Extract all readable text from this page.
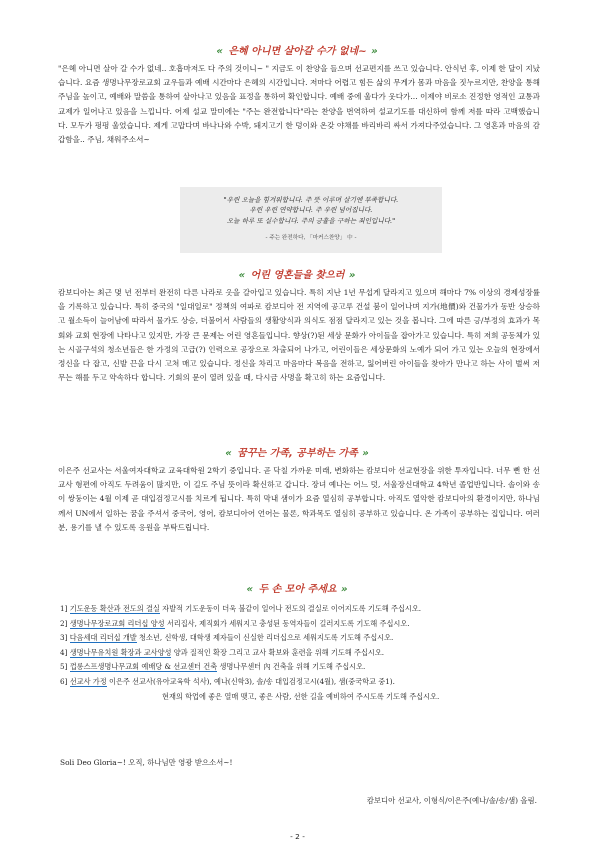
« 은혜 아니면 살아갈 수가 없네~ »

"은혜 아니면 살아 갈 수가 없네.. 호흡마저도 다 주의 것이니~ " 지금도 이 찬양을 들으며 선교편지를 쓰고 있습니다. 안식년 후, 이제 한 달이 지났습니다. 요즘 생명나무장로교회 교우들과 예배 시간마다 은혜의 시간입니다. 저마다 어렵고 힘든 삶의 무게가 몸과 마음을 짓누르지만, 찬양을 통해 주님을 높이고, 예배와 말씀을 통하여 살아나고 있음을 표정을 통하여 확인합니다. 예배 중에 울다가 웃다가... 이제야 비로소 진정한 영적인 교통과 교제가 일어나고 있음을 느낍니다. 어제 설교 말미에는 "주는 완전합니다"라는 찬양을 번역하여 설교기도를 대신하여 함께 저를 따라 고백했습니다. 모두가 펑펑 울었습니다. 제게 고맙다며 바나나와 수박, 돼지고기 한 덩이와 온갖 야채를 바리바리 싸서 가져다주었습니다. 그 영혼과 마음의 감갑함을.. 주님, 채워주소서~

"우린 오늘을 힘겨워합니다. 주 뜻 이루며 살기엔 부족합니다.
우린 우린 연약합니다. 주 우린 넘어집니다.
오늘 하루 또 실수합니다. 주의 긍휼을 구하는 죄인입니다."
- 주는 완전하다, 「마커스찬양」 中 -
« 어린 영혼들을 찾으러 »

캄보디아는 최근 몇 년 전부터 완전히 다른 나라로 옷을 갈아입고 있습니다. 특히 지난 1년 무섭게 달라지고 있으며 해마다 7% 이상의 경제성장률을 기록하고 있습니다. 특히 중국의 "일대일로" 정책의 여파로 캄보디아 전 지역에 공고루 건설 붐이 일어나며 지가(地價)와 건물가가 동반 상승하고 월소득이 늘어남에 따라서 물가도 상승, 더불어서 사람들의 생활양식과 의식도 점점 달라지고 있는 것을 봅니다. 그에 따른 긍/부정의 효과가 목회와 교회 현장에 나타나고 있지만, 가장 큰 문제는 어린 영혼들입니다. 향상(?)된 세상 문화가 아이들을 잡아가고 있습니다. 특히 저희 공동체가 있는 시골구석의 청소년들은 한 가정의 고급(?) 인력으로 공장으로 차출되어 나가고, 어린이들은 세상문화의 노예가 되어 가고 있는 오늘의 현장에서 정신을 다 잡고, 신발 끈을 다시 고쳐 매고 있습니다. 정신을 차리고 마음마다 복음을 전하고, 잃어버린 아이들을 찾아가 만나고 하는 사이 벌써 저무는 해를 두고 약속하다 합니다. 기회의 문이 열려 있을 때, 다시금 사명을 확고히 하는 요즘입니다.

« 꿈꾸는 가족, 공부하는 가족 »

이은주 선교사는 서울여자대학교 교육대학원 2학기 중입니다. 곧 닥칠 가까운 미래, 변화하는 캄보디아 선교현장을 위한 투자입니다. 너무 뻔 한 선교사 형편에 아직도 두려움이 많지만, 이 길도 주님 뜻이라 확신하고 갑니다. 장녀 예나는 어느 덧, 서울장신대학교 4학년 졸업반입니다. 솔이와 송이 쌍둥이는 4월 이제 곧 대입검정고시를 치르게 됩니다. 특히 막내 샘이가 요즘 열심히 공부합니다. 아직도 열악한 캄보디아의 환경이지만, 하나님께서 UN에서 일하는 꿈을 주셔서 중국어, 영어, 캄보디아어 언어는 물론, 학과목도 열심히 공부하고 있습니다. 온 가족이 공부하는 집입니다. 여러분, 용기를 낼 수 있도록 응원을 부탁드립니다.

« 두 손 모아 주세요 »
1] 기도운동 확산과 전도의 결실 자발적 기도운동이 더욱 불같이 일어나 전도의 결실로 이어지도록 기도해 주십시오.
2] 생명나무장로교회 리더십 양성 서리집사, 제직회가 세워지고 충성된 동역자들이 길러지도록 기도해 주십시오.
3] 다음세대 리더십 개발 청소년, 신학생, 대학생 제자들이 신실한 리더십으로 세워지도록 기도해 주십시오.
4] 생명나무유치원 확장과 교사양성 양과 질적인 확장 그리고 교사 확보와 훈련을 위해 기도해 주십시오.
5] 껍롱스프생명나무교회 예배당 & 선교센터 건축 생명나무센터 內 건축을 위해 기도해 주십시오.
6] 선교사 가정 이은주 선교사(유아교육학 석사), 예나(신학3), 솔/송 대입검정고시(4월), 샘(중국학교 중1).
현재의 학업에 좋은 열매 맺고, 좋은 사람, 선한 길을 예비하여 주시도록 기도해 주십시오.
Soli Deo Gloria~! 오직, 하나님만 영광 받으소서~!
캄보디아 선교사, 이형식/이은주(예나/솔/송/샘) 올림.
- 2 -
